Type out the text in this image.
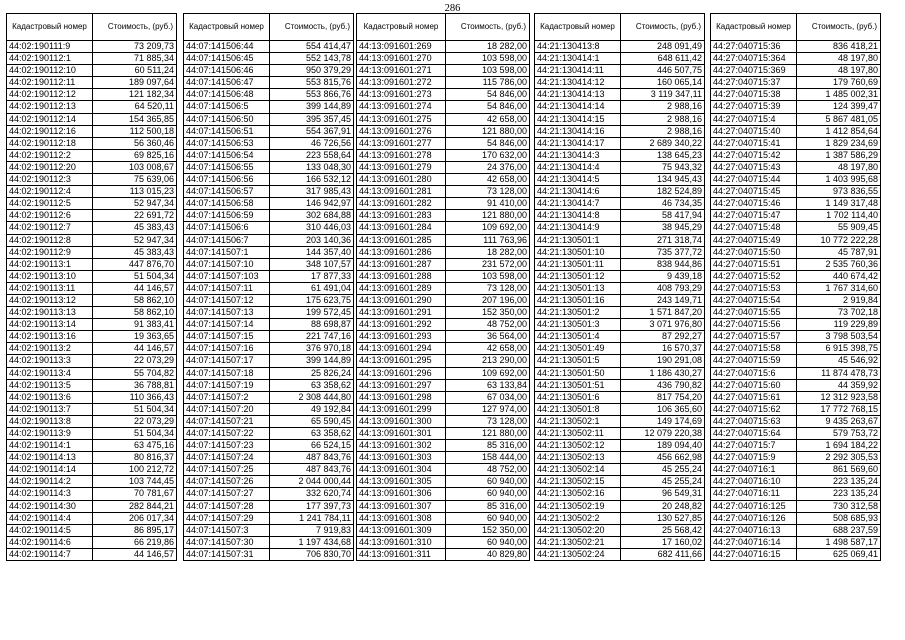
286
Кадастровый номер	Стоимость, (руб.)
44:02:190111:9	73 209,73
44:02:190112:1	71 885,34
44:02:190112:10	60 511,24
44:02:190112:11	189 097,64
44:02:190112:12	121 182,34
44:02:190112:13	64 520,11
44:02:190112:14	154 365,85
44:02:190112:16	112 500,18
44:02:190112:18	56 360,46
44:02:190112:2	69 825,16
44:02:190112:20	103 008,67
44:02:190112:3	75 639,06
44:02:190112:4	113 015,23
44:02:190112:5	52 947,34
44:02:190112:6	22 691,72
44:02:190112:7	45 383,43
44:02:190112:8	52 947,34
44:02:190112:9	45 383,43
44:02:190113:1	447 876,70
44:02:190113:10	51 504,34
44:02:190113:11	44 146,57
44:02:190113:12	58 862,10
44:02:190113:13	58 862,10
44:02:190113:14	91 383,41
44:02:190113:16	19 363,65
44:02:190113:2	44 146,57
44:02:190113:3	22 073,29
44:02:190113:4	55 704,82
44:02:190113:5	36 788,81
44:02:190113:6	110 366,43
44:02:190113:7	51 504,34
44:02:190113:8	22 073,29
44:02:190113:9	51 504,34
44:02:190114:1	63 475,16
44:02:190114:13	80 816,37
44:02:190114:14	100 212,72
44:02:190114:2	103 744,45
44:02:190114:3	70 781,67
44:02:190114:30	282 844,21
44:02:190114:4	206 017,34
44:02:190114:5	86 895,17
44:02:190114:6	66 219,86
44:02:190114:7	44 146,57
Кадастровый номер	Стоимость, (руб.)
44:07:141506:44	554 414,47
44:07:141506:45	552 143,78
44:07:141506:46	950 379,29
44:07:141506:47	553 815,76
44:07:141506:48	553 866,76
44:07:141506:5	399 144,89
44:07:141506:50	395 357,45
44:07:141506:51	554 367,91
44:07:141506:53	46 726,56
44:07:141506:54	223 558,64
44:07:141506:55	133 048,30
44:07:141506:56	166 532,12
44:07:141506:57	317 985,43
44:07:141506:58	146 942,97
44:07:141506:59	302 684,88
44:07:141506:6	310 446,03
44:07:141506:7	203 140,36
44:07:141507:1	144 357,40
44:07:141507:10	348 107,57
44:07:141507:103	17 877,33
44:07:141507:11	61 491,04
44:07:141507:12	175 623,75
44:07:141507:13	199 572,45
44:07:141507:14	88 698,87
44:07:141507:15	221 747,16
44:07:141507:16	376 970,18
44:07:141507:17	399 144,89
44:07:141507:18	25 826,24
44:07:141507:19	63 358,62
44:07:141507:2	2 308 444,80
44:07:141507:20	49 192,84
44:07:141507:21	65 590,45
44:07:141507:22	63 358,62
44:07:141507:23	66 524,15
44:07:141507:24	487 843,76
44:07:141507:25	487 843,76
44:07:141507:26	2 044 000,44
44:07:141507:27	332 620,74
44:07:141507:28	177 397,73
44:07:141507:29	1 241 784,11
44:07:141507:3	7 919,83
44:07:141507:30	1 197 434,68
44:07:141507:31	706 830,70
Кадастровый номер	Стоимость, (руб.)
44:13:091601:269	18 282,00
44:13:091601:270	103 598,00
44:13:091601:271	103 598,00
44:13:091601:272	115 786,00
44:13:091601:273	54 846,00
44:13:091601:274	54 846,00
44:13:091601:275	42 658,00
44:13:091601:276	121 880,00
44:13:091601:277	54 846,00
44:13:091601:278	170 632,00
44:13:091601:279	24 376,00
44:13:091601:280	42 658,00
44:13:091601:281	73 128,00
44:13:091601:282	91 410,00
44:13:091601:283	121 880,00
44:13:091601:284	109 692,00
44:13:091601:285	111 763,96
44:13:091601:286	18 282,00
44:13:091601:287	231 572,00
44:13:091601:288	103 598,00
44:13:091601:289	73 128,00
44:13:091601:290	207 196,00
44:13:091601:291	152 350,00
44:13:091601:292	48 752,00
44:13:091601:293	36 564,00
44:13:091601:294	42 658,00
44:13:091601:295	213 290,00
44:13:091601:296	109 692,00
44:13:091601:297	63 133,84
44:13:091601:298	67 034,00
44:13:091601:299	127 974,00
44:13:091601:300	73 128,00
44:13:091601:301	121 880,00
44:13:091601:302	85 316,00
44:13:091601:303	158 444,00
44:13:091601:304	48 752,00
44:13:091601:305	60 940,00
44:13:091601:306	60 940,00
44:13:091601:307	85 316,00
44:13:091601:308	60 940,00
44:13:091601:309	152 350,00
44:13:091601:310	60 940,00
44:13:091601:311	40 829,80
Кадастровый номер	Стоимость, (руб.)
44:21:130413:8	248 091,49
44:21:130414:1	648 611,42
44:21:130414:11	446 507,75
44:21:130414:12	160 065,14
44:21:130414:13	3 119 347,11
44:21:130414:14	2 988,16
44:21:130414:15	2 988,16
44:21:130414:16	2 988,16
44:21:130414:17	2 689 340,22
44:21:130414:3	138 645,23
44:21:130414:4	75 943,32
44:21:130414:5	134 945,43
44:21:130414:6	182 524,89
44:21:130414:7	46 734,35
44:21:130414:8	58 417,94
44:21:130414:9	38 945,29
44:21:130501:1	271 318,74
44:21:130501:10	735 377,72
44:21:130501:11	838 944,86
44:21:130501:12	9 439,18
44:21:130501:13	408 793,29
44:21:130501:16	243 149,71
44:21:130501:2	1 571 847,20
44:21:130501:3	3 071 976,80
44:21:130501:4	87 292,27
44:21:130501:49	16 570,37
44:21:130501:5	190 291,08
44:21:130501:50	1 186 430,27
44:21:130501:51	436 790,82
44:21:130501:6	817 754,20
44:21:130501:8	106 365,60
44:21:130502:1	149 174,69
44:21:130502:11	12 079 220,38
44:21:130502:12	189 094,40
44:21:130502:13	456 662,98
44:21:130502:14	45 255,24
44:21:130502:15	45 255,24
44:21:130502:16	96 549,31
44:21:130502:19	20 248,82
44:21:130502:2	130 527,85
44:21:130502:20	25 568,42
44:21:130502:21	17 160,02
44:21:130502:24	682 411,66
Кадастровый номер	Стоимость, (руб.)
44:27:040715:36	836 418,21
44:27:040715:364	48 197,80
44:27:040715:369	48 197,80
44:27:040715:37	179 760,69
44:27:040715:38	1 485 002,31
44:27:040715:39	124 399,47
44:27:040715:4	5 867 481,05
44:27:040715:40	1 412 854,64
44:27:040715:41	1 829 234,69
44:27:040715:42	1 387 586,29
44:27:040715:43	48 197,80
44:27:040715:44	1 403 995,68
44:27:040715:45	973 836,55
44:27:040715:46	1 149 317,48
44:27:040715:47	1 702 114,40
44:27:040715:48	55 909,45
44:27:040715:49	10 772 222,28
44:27:040715:50	45 787,91
44:27:040715:51	2 535 760,36
44:27:040715:52	440 674,42
44:27:040715:53	1 767 314,60
44:27:040715:54	2 919,84
44:27:040715:55	73 702,18
44:27:040715:56	119 229,89
44:27:040715:57	3 798 503,54
44:27:040715:58	6 915 398,75
44:27:040715:59	45 546,92
44:27:040715:6	11 874 478,73
44:27:040715:60	44 359,92
44:27:040715:61	12 312 923,58
44:27:040715:62	17 772 768,15
44:27:040715:63	9 435 263,67
44:27:040715:64	579 753,72
44:27:040715:7	1 694 184,22
44:27:040715:9	2 292 305,53
44:27:040716:1	861 569,60
44:27:040716:10	223 135,24
44:27:040716:11	223 135,24
44:27:040716:125	730 312,58
44:27:040716:126	508 685,93
44:27:040716:13	688 237,59
44:27:040716:14	1 498 587,17
44:27:040716:15	625 069,41
